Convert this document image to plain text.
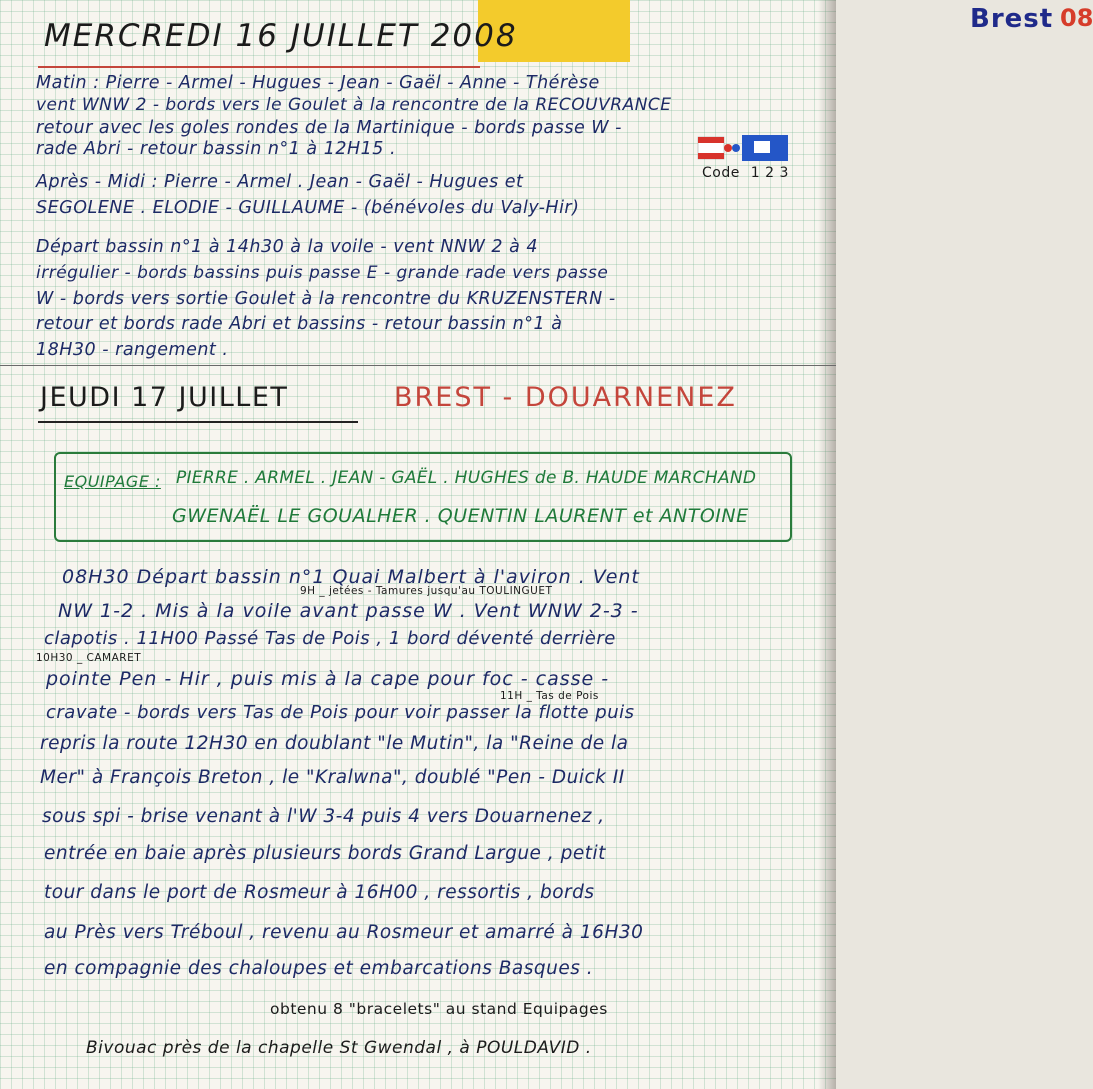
Brest 08
Code 1 2 3
MERCREDI 16 JUILLET 2008
Matin : Pierre - Armel - Hugues - Jean - Gaël - Anne - Thérèse
vent WNW 2 - bords vers le Goulet à la rencontre de la RECOUVRANCE
retour avec les goles rondes de la Martinique - bords passe W -
rade Abri - retour bassin n°1 à 12H15 .
Après - Midi : Pierre - Armel . Jean - Gaël - Hugues et
SEGOLENE . ELODIE - GUILLAUME - (bénévoles du Valy-Hir)
Départ bassin n°1 à 14h30 à la voile - vent NNW 2 à 4
irrégulier - bords bassins puis passe E - grande rade vers passe
W - bords vers sortie Goulet à la rencontre du KRUZENSTERN -
retour et bords rade Abri et bassins - retour bassin n°1 à
18H30 - rangement .
JEUDI 17 JUILLET	BREST - DOUARNENEZ
EQUIPAGE : PIERRE . ARMEL . JEAN - GAËL . HUGHES de B. HAUDE MARCHAND
GWENAËL LE GOUALHER . QUENTIN LAURENT et ANTOINE
9H _ jetées - Tamures jusqu'au TOULINGUET
10H30 _ CAMARET
11H _ Tas de Pois
08H30 Départ bassin n°1 Quai Malbert à l'aviron . Vent
NW 1-2 . Mis à la voile avant passe W . Vent WNW 2-3 -
clapotis . 11H00 Passé Tas de Pois , 1 bord déventé derrière
pointe Pen - Hir , puis mis à la cape pour foc - casse -
cravate - bords vers Tas de Pois pour voir passer la flotte puis
repris la route 12H30 en doublant "le Mutin", la "Reine de la
Mer" à François Breton , le "Kralwna", doublé "Pen - Duick II
sous spi - brise venant à l'W 3-4 puis 4 vers Douarnenez ,
entrée en baie après plusieurs bords Grand Largue , petit
tour dans le port de Rosmeur à 16H00 , ressortis , bords
au Près vers Tréboul , revenu au Rosmeur et amarré à 16H30
en compagnie des chaloupes et embarcations Basques .
obtenu 8 "bracelets" au stand Equipages
Bivouac près de la chapelle St Gwendal , à POULDAVID .
